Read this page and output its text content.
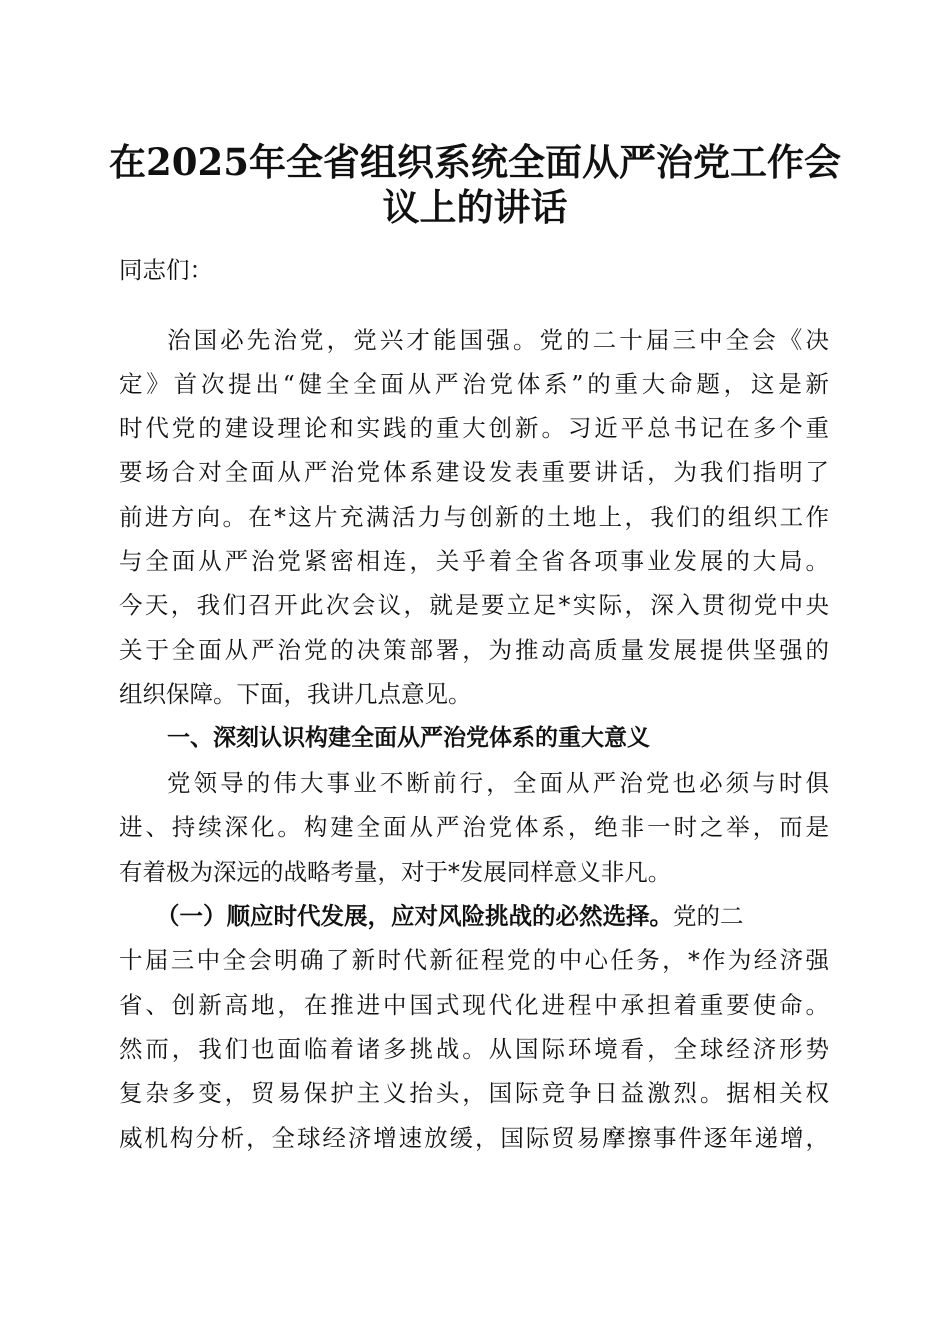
在2025年全省组织系统全面从严治党工作会
议上的讲话

同志们：

治国必先治党，党兴才能国强。党的二十届三中全会《决

定》首次提出“健全全面从严治党体系”的重大命题，这是新

时代党的建设理论和实践的重大创新。习近平总书记在多个重

要场合对全面从严治党体系建设发表重要讲话，为我们指明了

前进方向。在*这片充满活力与创新的土地上，我们的组织工作

与全面从严治党紧密相连，关乎着全省各项事业发展的大局。

今天，我们召开此次会议，就是要立足*实际，深入贯彻党中央

关于全面从严治党的决策部署，为推动高质量发展提供坚强的

组织保障。下面，我讲几点意见。

一、深刻认识构建全面从严治党体系的重大意义

党领导的伟大事业不断前行，全面从严治党也必须与时俱

进、持续深化。构建全面从严治党体系，绝非一时之举，而是

有着极为深远的战略考量，对于*发展同样意义非凡。

（一）顺应时代发展，应对风险挑战的必然选择。党的二

十届三中全会明确了新时代新征程党的中心任务，*作为经济强

省、创新高地，在推进中国式现代化进程中承担着重要使命。

然而，我们也面临着诸多挑战。从国际环境看，全球经济形势

复杂多变，贸易保护主义抬头，国际竞争日益激烈。据相关权

威机构分析，全球经济增速放缓，国际贸易摩擦事件逐年递增，
